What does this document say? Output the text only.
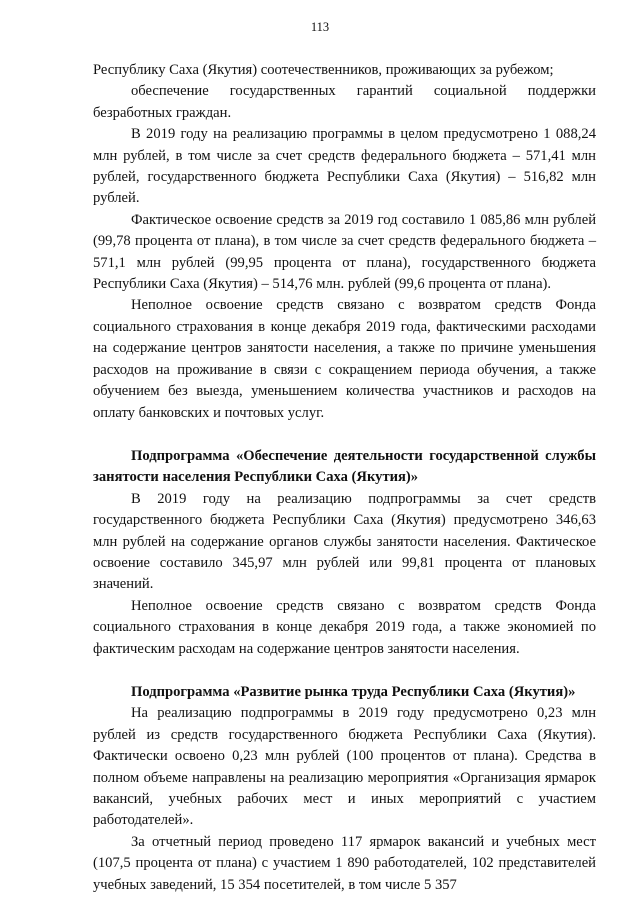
113

Республику Саха (Якутия) соотечественников, проживающих за рубежом;

обеспечение государственных гарантий социальной поддержки безработных граждан.

В 2019 году на реализацию программы в целом предусмотрено 1 088,24 млн рублей, в том числе за счет средств федерального бюджета – 571,41 млн рублей, государственного бюджета Республики Саха (Якутия) – 516,82 млн рублей.

Фактическое освоение средств за 2019 год составило 1 085,86 млн рублей (99,78 процента от плана), в том числе за счет средств федерального бюджета – 571,1 млн рублей (99,95 процента от плана), государственного бюджета Республики Саха (Якутия) – 514,76 млн. рублей (99,6 процента от плана).

Неполное освоение средств связано с возвратом средств Фонда социального страхования в конце декабря 2019 года, фактическими расходами на содержание центров занятости населения, а также по причине уменьшения расходов на проживание в связи с сокращением периода обучения, а также обучением без выезда, уменьшением количества участников и расходов на оплату банковских и почтовых услуг.

Подпрограмма «Обеспечение деятельности государственной службы занятости населения Республики Саха (Якутия)»

В 2019 году на реализацию подпрограммы за счет средств государственного бюджета Республики Саха (Якутия) предусмотрено 346,63 млн рублей на содержание органов службы занятости населения. Фактическое освоение составило 345,97 млн рублей или 99,81 процента от плановых значений.

Неполное освоение средств связано с возвратом средств Фонда социального страхования в конце декабря 2019 года, а также экономией по фактическим расходам на содержание центров занятости населения.

Подпрограмма «Развитие рынка труда Республики Саха (Якутия)»

На реализацию подпрограммы в 2019 году предусмотрено 0,23 млн рублей из средств государственного бюджета Республики Саха (Якутия). Фактически освоено 0,23 млн рублей (100 процентов от плана). Средства в полном объеме направлены на реализацию мероприятия «Организация ярмарок вакансий, учебных рабочих мест и иных мероприятий с участием работодателей».

За отчетный период проведено 117 ярмарок вакансий и учебных мест (107,5 процента от плана) с участием 1 890 работодателей, 102 представителей учебных заведений, 15 354 посетителей, в том числе 5 357
